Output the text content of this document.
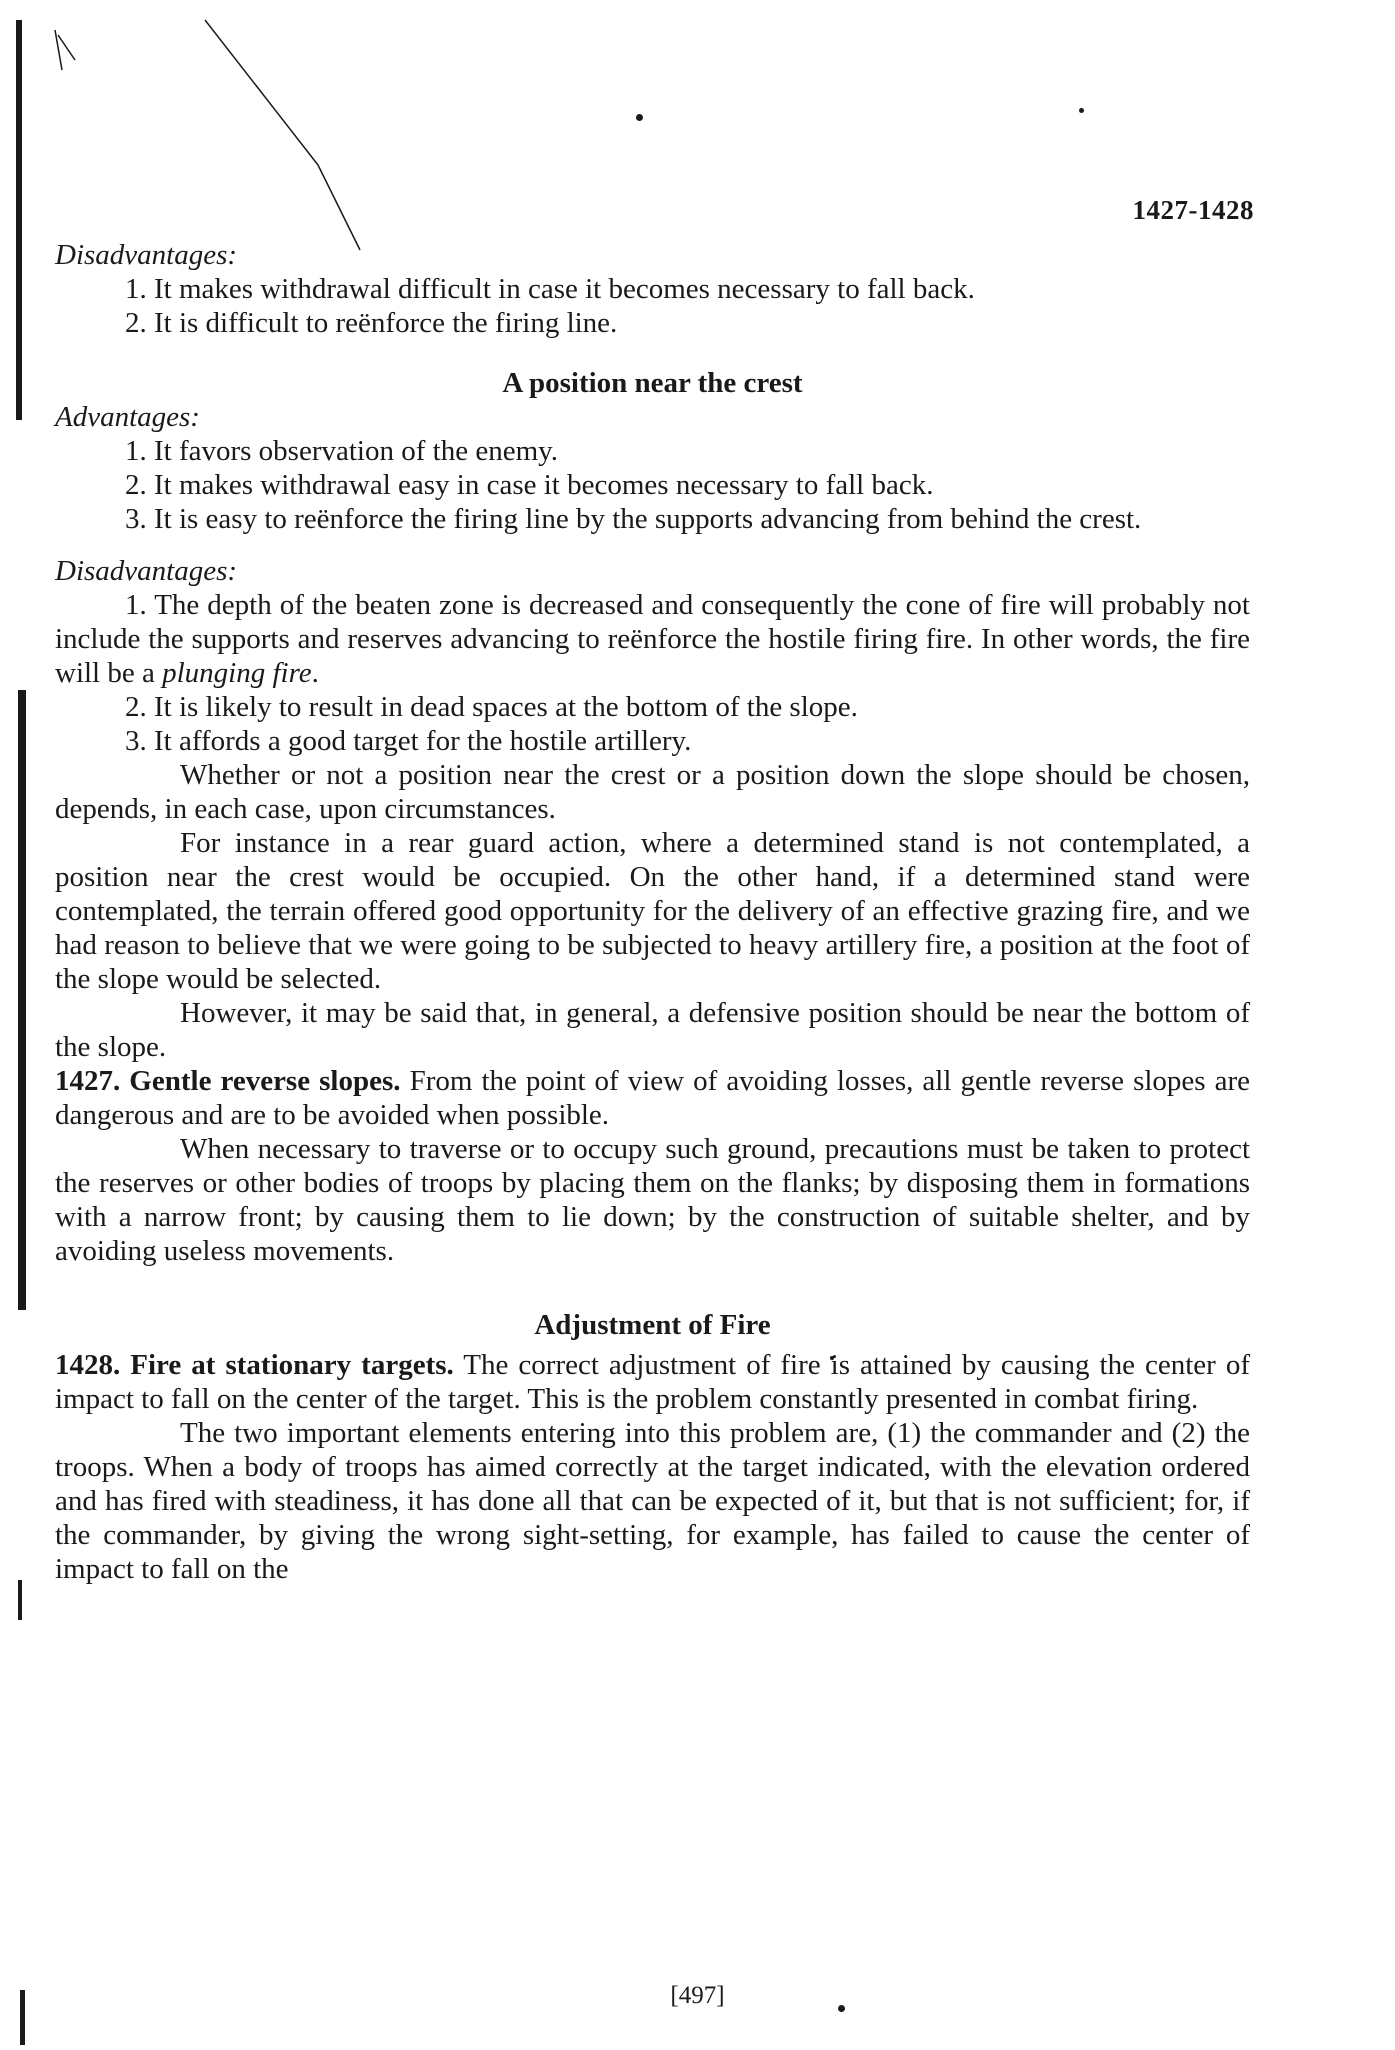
1427-1428

Disadvantages:

1. It makes withdrawal difficult in case it becomes necessary to fall back.

2. It is difficult to reënforce the firing line.

A position near the crest

Advantages:

1. It favors observation of the enemy.

2. It makes withdrawal easy in case it becomes necessary to fall back.

3. It is easy to reënforce the firing line by the supports advancing from behind the crest.

Disadvantages:

1. The depth of the beaten zone is decreased and consequently the cone of fire will probably not include the supports and reserves advancing to reënforce the hostile firing fire. In other words, the fire will be a plunging fire.

2. It is likely to result in dead spaces at the bottom of the slope.

3. It affords a good target for the hostile artillery.

Whether or not a position near the crest or a position down the slope should be chosen, depends, in each case, upon circumstances.

For instance in a rear guard action, where a determined stand is not contemplated, a position near the crest would be occupied. On the other hand, if a determined stand were contemplated, the terrain offered good opportunity for the delivery of an effective grazing fire, and we had reason to believe that we were going to be subjected to heavy artillery fire, a position at the foot of the slope would be selected.

However, it may be said that, in general, a defensive position should be near the bottom of the slope.

1427. Gentle reverse slopes. From the point of view of avoiding losses, all gentle reverse slopes are dangerous and are to be avoided when possible.

When necessary to traverse or to occupy such ground, precautions must be taken to protect the reserves or other bodies of troops by placing them on the flanks; by disposing them in formations with a narrow front; by causing them to lie down; by the construction of suitable shelter, and by avoiding useless movements.

Adjustment of Fire

1428. Fire at stationary targets. The correct adjustment of fire is attained by causing the center of impact to fall on the center of the target. This is the problem constantly presented in combat firing.

The two important elements entering into this problem are, (1) the commander and (2) the troops. When a body of troops has aimed correctly at the target indicated, with the elevation ordered and has fired with steadiness, it has done all that can be expected of it, but that is not sufficient; for, if the commander, by giving the wrong sight-setting, for example, has failed to cause the center of impact to fall on the

[497]
